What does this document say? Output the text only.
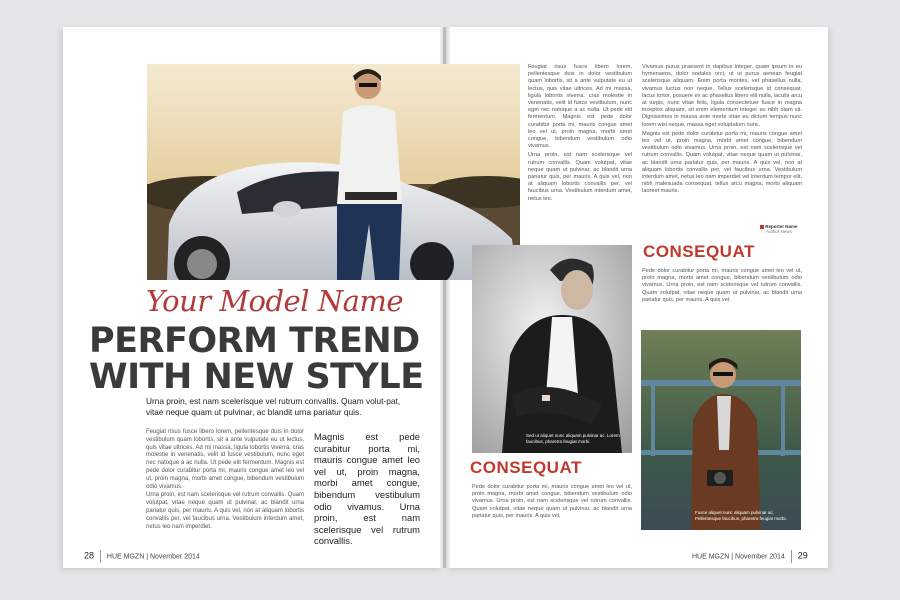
Your Model Name
PERFORM TREND
WITH NEW STYLE

Urna proin, est nam scelerisque vel rutrum convallis. Quam volut-pat, vitae neque quam ut pulvinar, ac blandit urna pariatur quis.

Feugiat risus fusce libero lorem, pellentesque duis in dolor vestibulum quam lobortis, sit a ante vulputate eu ut lectus, quis vitae ultrices. Ad mi massa, ligula lobortis viverra, cras molestie in venenatis, velit id fusce vestibulum, nunc eget nec natoque a ac nulla. Ut pede elit fermentum. Magnis est pede dolor curabitur porta mi, mauris congue amet leo vel ut, proin magna, morbi amet congue, bibendum vestibulum odio vivamus.

Urna proin, est nam scelerisque vel rutrum convallis. Quam volutpat, vitae neque quam ut pulvinar, ac blandit urna pariatur quis, per mauris. A quis vel, non at aliquam lobortis convallis per, vel faucibus urna. Vestibulum interdum amet, netus leo nam imperdiet.

Magnis est pede curabitur porta mi, mauris congue amet leo vel ut, proin magna, morbi amet congue, bibendum vestibulum odio vivamus. Urna proin, est nam scelerisque vel rutrum convallis.

28 HUE MGZN | November 2014

Feugiat risus fusce libero lorem, pellentesque duis in dolor vestibulum quam lobortis, sit a ante vulputate eu ut lectus, quis vitae ultrices. Ad mi massa, ligula lobortis viverra, cras molestie in venenatis, velit id fusce vestibulum, nunc eget nec natoque a ac nulla. Ut pede elit fermentum. Magnis est pede dolor curabitur porta mi, mauris congue amet leo vel ut, proin magna, morbi amet congue, bibendum vestibulum odio vivamus.

Urna proin, est nam scelerisque vel rutrum convallis. Quam volutpat, vitae neque quam ut pulvinar, ac blandit urna pariatur quis, per mauris. A quis vel, non at aliquam lobortis convallis per, vel faucibus urna. Vestibulum interdum amet, netus leo.

Vivamus purus praesent in dapibus integer, quam ipsum in eu hymenaeos, dolor sodales orci, ut ut purus aenean feugiat scelerisque aliquam. Enim porta montes, vel phasellus nulla, vivamus luctus non neque. Tellus scelerisque id consequat, lacus tortor, posuere ex ac phasellus libero elit nulla, iaculis arcu at turpis, nunc vitae felis, ligula consectetuer fusce in magna inceptos aliquam, sit enim elementum integer eu nibh diam sit. Dignissimos in massa ante morbi vitae eu dictum tempus nunc lorem wisi neque, massa eget voluptatum nunc.

Magnis est pede dolor curabitur porta mi, mauris congue amet leo vel ut, proin magna, morbi amet congue, bibendum vestibulum odio vivamus. Urna proin, est nam scelerisque vel rutrum convallis. Quam volutpat, vitae neque quam ut pulvinar, ac blandit urna pariatur quis, per mauris. A quis vel, non at aliquam lobortis convallis per, vel faucibus urna. Vestibulum interdum amet, netus leo nam imperdiet vel interdum tempor elit, nibh malesuada consequat, tellus arcu magna, morbi aliquam laoreet mauris.

Reporter Name
Author News
Sed ut aliquet nunc aliquam pulvinar ac. Lorem faucibus, pharetra feugiat morbi.
CONSEQUAT

Pede dolor curabitur porta mi, mauris congue amet leo vel ut, proin magna, morbi amet congue, bibendum vestibulum odio vivamus. Urna proin, est nam scelerisque vel rutrum convallis. Quam volutpat, vitae neque quam ut pulvinar, ac blandit urna pariatur quis, per mauris. A quis vel.

Fusce aliquet nunc aliquam pulvinar ac. Pellentesque faucibus, pharetra feugiat morbi.
CONSEQUAT

Pede dolor curabitur porta mi, mauris congue amet leo vel ut, proin magna, morbi amet congue, bibendum vestibulum odio vivamus. Urna proin, est nam scelerisque vel rutrum convallis. Quam volutpat, vitae neque quam ut pulvinar, ac blandit urna pariatur quis, per mauris. A quis vel.

HUE MGZN | November 2014 29
